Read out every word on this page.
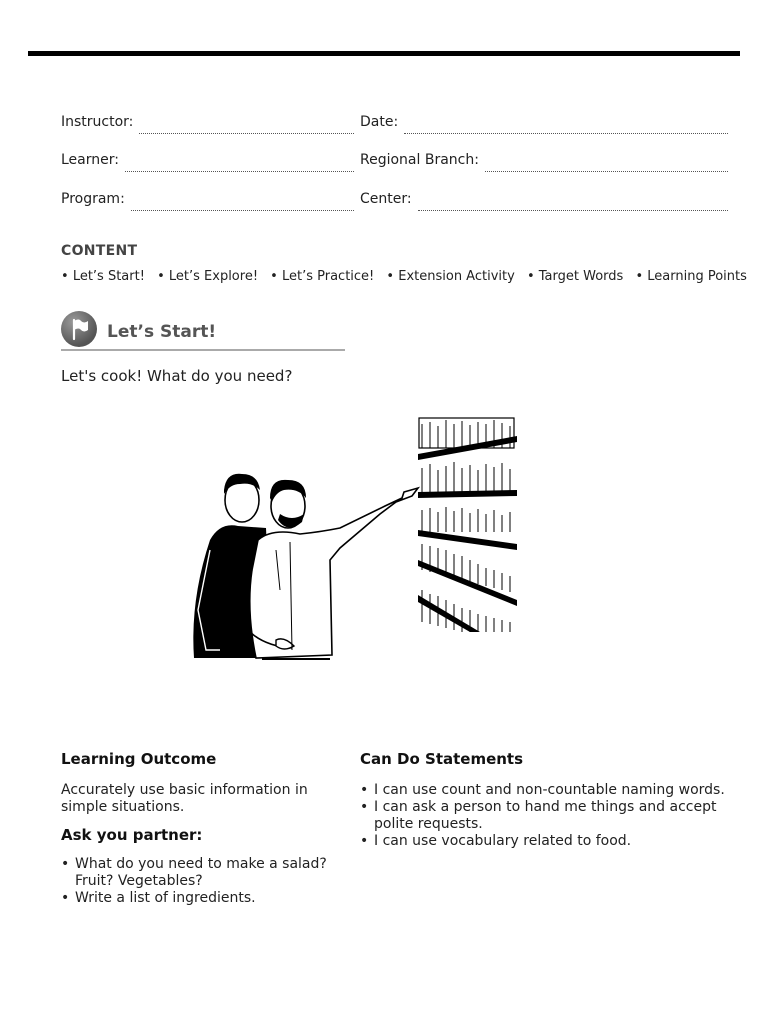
Instructor:	Date:
Learner:	Regional Branch:
Program:	Center:
CONTENT
• Let’s Start! • Let’s Explore! • Let’s Practice! • Extension Activity • Target Words • Learning Points
Let’s Start!
Let's cook! What do you need?
Learning Outcome

Accurately use basic information in simple situations.

Ask you partner:
• What do you need to make a salad? Fruit? Vegetables?
• Write a list of ingredients.
Can Do Statements
• I can use count and non-countable naming words.
• I can ask a person to hand me things and accept polite requests.
• I can use vocabulary related to food.
